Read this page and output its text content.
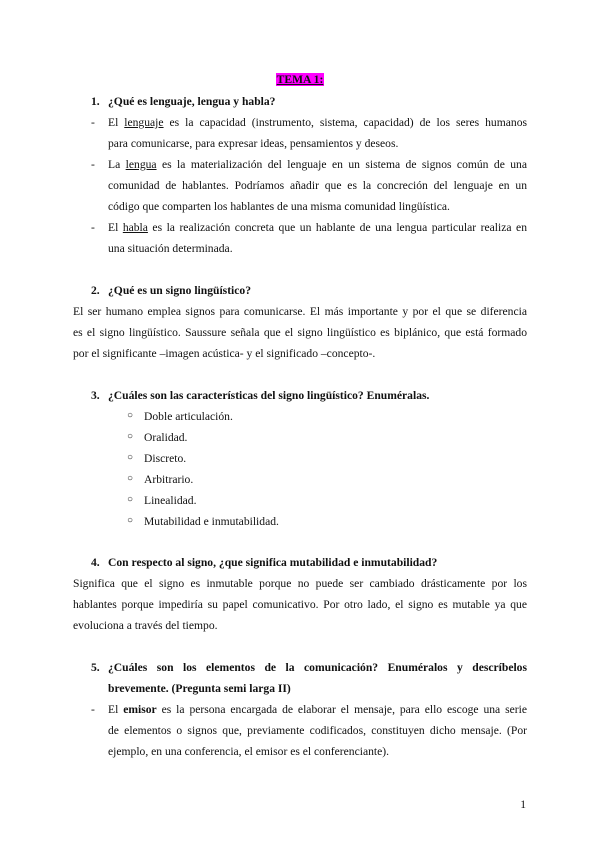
TEMA 1:
1. ¿Qué es lenguaje, lengua y habla?
- El lenguaje es la capacidad (instrumento, sistema, capacidad) de los seres humanos
para comunicarse, para expresar ideas, pensamientos y deseos.
- La lengua es la materialización del lenguaje en un sistema de signos común de una
comunidad de hablantes. Podríamos añadir que es la concreción del lenguaje en un
código que comparten los hablantes de una misma comunidad lingüística.
- El habla es la realización concreta que un hablante de una lengua particular realiza en
una situación determinada.
2. ¿Qué es un signo lingüístico?
El ser humano emplea signos para comunicarse. El más importante y por el que se diferencia
es el signo lingüístico. Saussure señala que el signo lingüístico es biplánico, que está formado
por el significante –imagen acústica- y el significado –concepto-.
3. ¿Cuáles son las características del signo lingüístico? Enuméralas.
○ Doble articulación.
○ Oralidad.
○ Discreto.
○ Arbitrario.
○ Linealidad.
○ Mutabilidad e inmutabilidad.
4. Con respecto al signo, ¿que significa mutabilidad e inmutabilidad?
Significa que el signo es inmutable porque no puede ser cambiado drásticamente por los
hablantes porque impediría su papel comunicativo. Por otro lado, el signo es mutable ya que
evoluciona a través del tiempo.
5. ¿Cuáles son los elementos de la comunicación? Enuméralos y descríbelos
brevemente. (Pregunta semi larga II)
- El emisor es la persona encargada de elaborar el mensaje, para ello escoge una serie
de elementos o signos que, previamente codificados, constituyen dicho mensaje. (Por
ejemplo, en una conferencia, el emisor es el conferenciante).
1
